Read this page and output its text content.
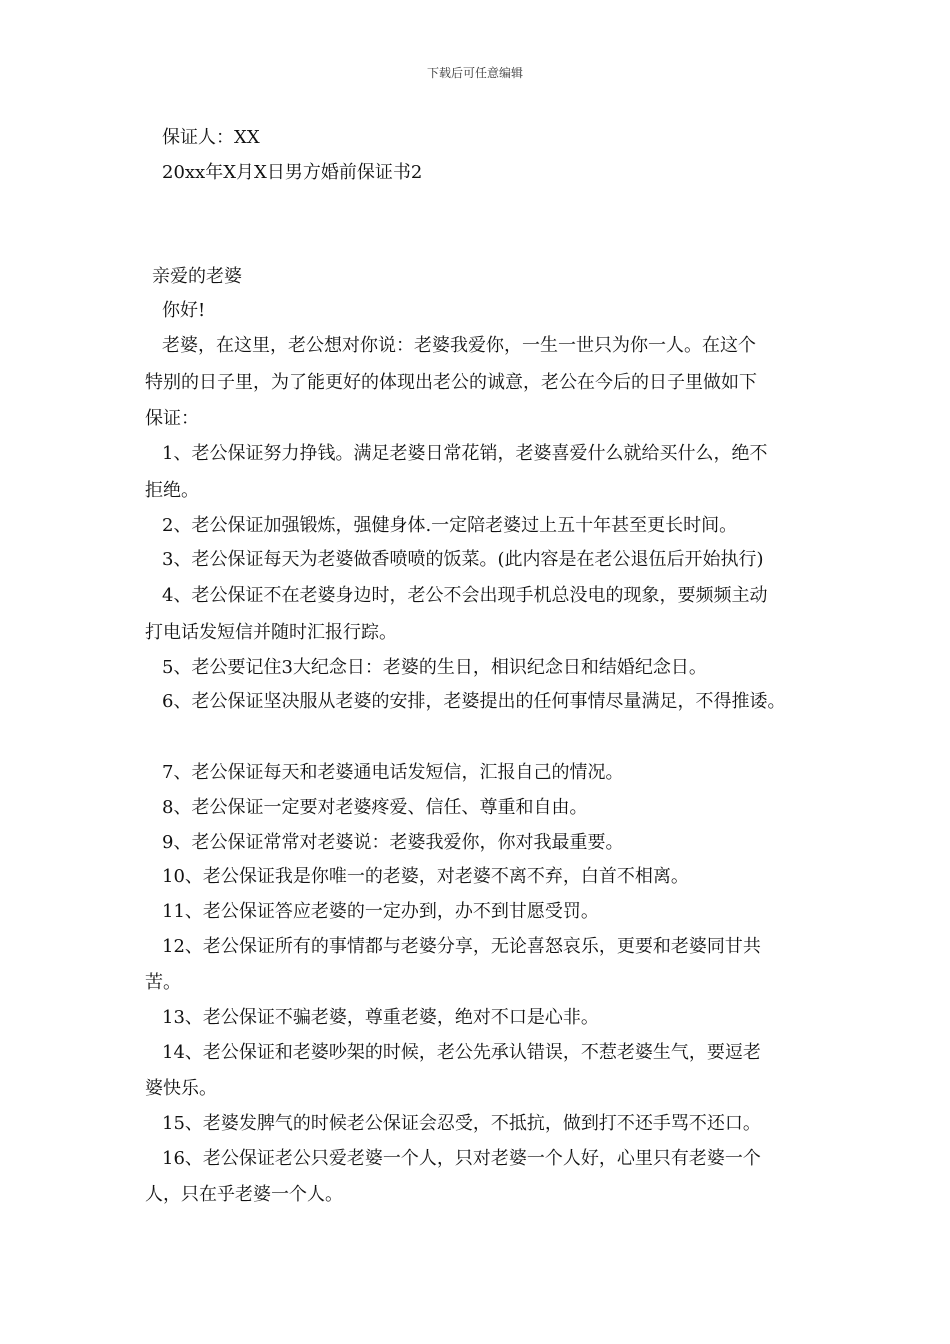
下载后可任意编辑
保证人：XX
20xx年X月X日男方婚前保证书2
亲爱的老婆
你好!
老婆，在这里，老公想对你说：老婆我爱你，一生一世只为你一人。在这个
特别的日子里，为了能更好的体现出老公的诚意，老公在今后的日子里做如下
保证：
1、老公保证努力挣钱。满足老婆日常花销，老婆喜爱什么就给买什么，绝不
拒绝。
2、老公保证加强锻炼，强健身体.一定陪老婆过上五十年甚至更长时间。
3、老公保证每天为老婆做香喷喷的饭菜。(此内容是在老公退伍后开始执行)
4、老公保证不在老婆身边时，老公不会出现手机总没电的现象，要频频主动
打电话发短信并随时汇报行踪。
5、老公要记住3大纪念日：老婆的生日，相识纪念日和结婚纪念日。
6、老公保证坚决服从老婆的安排，老婆提出的任何事情尽量满足，不得推诿。
7、老公保证每天和老婆通电话发短信，汇报自己的情况。
8、老公保证一定要对老婆疼爱、信任、尊重和自由。
9、老公保证常常对老婆说：老婆我爱你，你对我最重要。
10、老公保证我是你唯一的老婆，对老婆不离不弃，白首不相离。
11、老公保证答应老婆的一定办到，办不到甘愿受罚。
12、老公保证所有的事情都与老婆分享，无论喜怒哀乐，更要和老婆同甘共
苦。
13、老公保证不骗老婆，尊重老婆，绝对不口是心非。
14、老公保证和老婆吵架的时候，老公先承认错误，不惹老婆生气，要逗老
婆快乐。
15、老婆发脾气的时候老公保证会忍受，不抵抗，做到打不还手骂不还口。
16、老公保证老公只爱老婆一个人，只对老婆一个人好，心里只有老婆一个
人，只在乎老婆一个人。
